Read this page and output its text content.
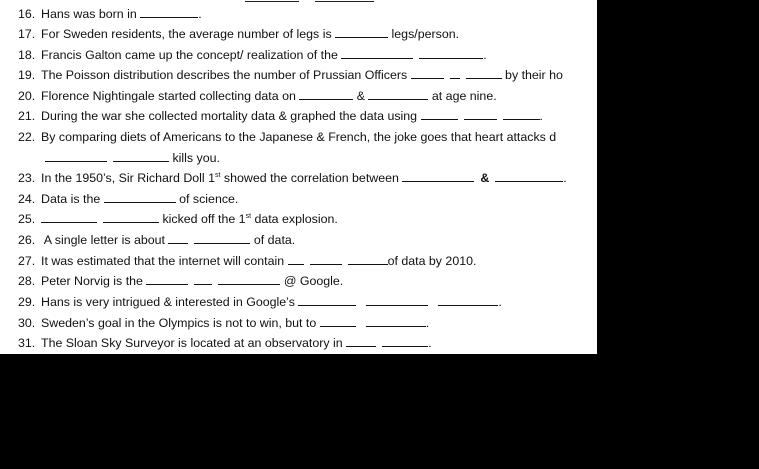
16. Hans was born in	.
17. For Sweden residents, the average number of legs is	legs/person.
18. Francis Galton came up the concept/ realization of the	.
19. The Poisson distribution describes the number of Prussian Officers	by their ho
20. Florence Nightingale started collecting data on	&	at age nine.
21. During the war she collected mortality data & graphed the data using	.
22. By comparing diets of Americans to the Japanese & French, the joke goes that heart attacks d
kills you.
23. In the 1950’s, Sir Richard Doll 1st showed the correlation between	&	.
24. Data is the	of science.
25.	kicked off the 1st data explosion.
26. A single letter is about	of data.
27. It was estimated that the internet will contain	of data by 2010.
28. Peter Norvig is the	@ Google.
29. Hans is very intrigued & interested in Google’s	.
30. Sweden’s goal in the Olympics is not to win, but to	.
31. The Sloan Sky Surveyor is located at an observatory in	.
